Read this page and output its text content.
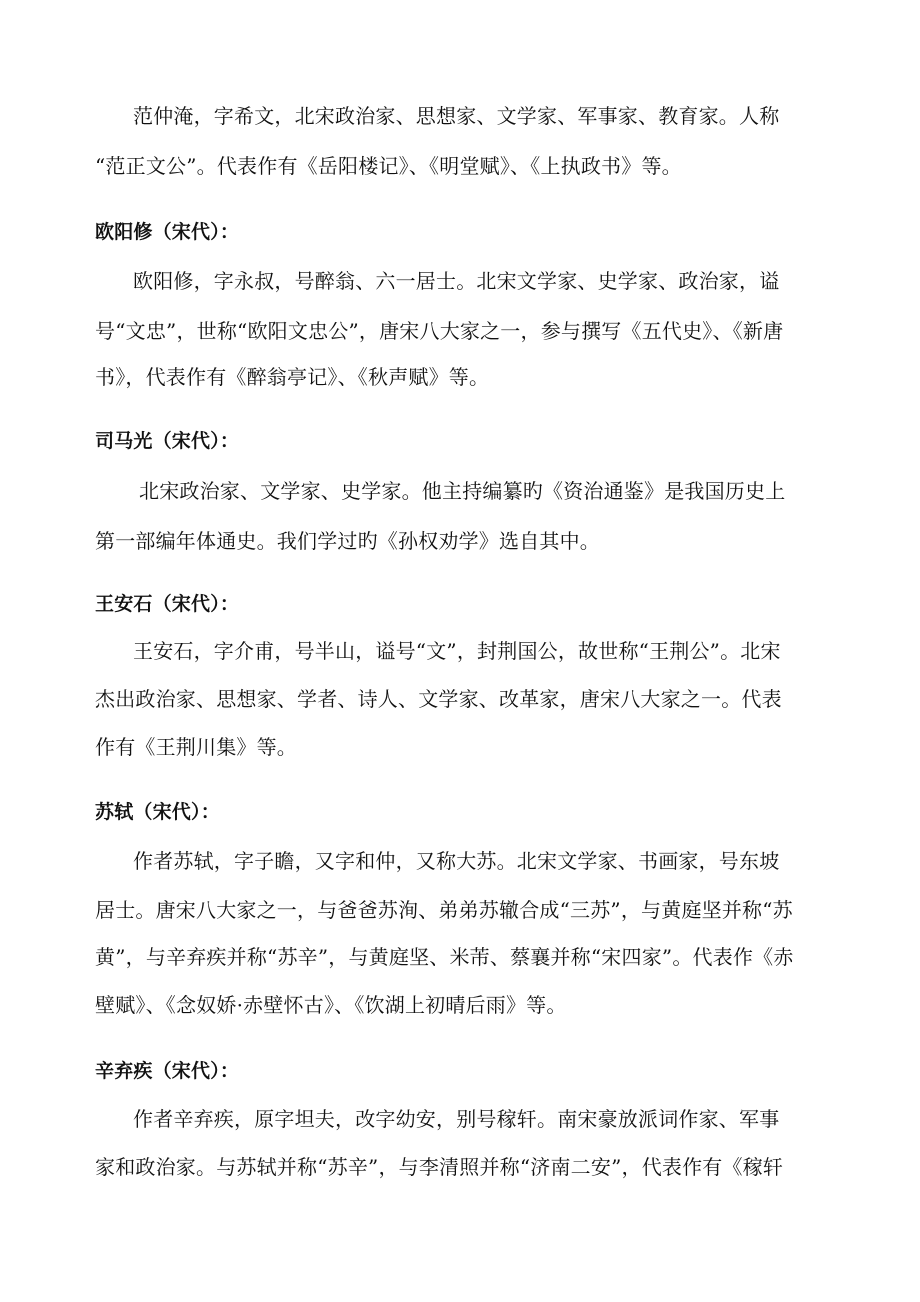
范仲淹，字希文，北宋政治家、思想家、文学家、军事家、教育家。人称
“范正文公”。代表作有《岳阳楼记》、《明堂赋》、《上执政书》等。
欧阳修（宋代）：
欧阳修，字永叔，号醉翁、六一居士。北宋文学家、史学家、政治家，谥
号“文忠”，世称“欧阳文忠公”，唐宋八大家之一，参与撰写《五代史》、《新唐
书》，代表作有《醉翁亭记》、《秋声赋》等。
司马光（宋代）：
北宋政治家、文学家、史学家。他主持编纂旳《资治通鉴》是我国历史上
第一部编年体通史。我们学过旳《孙权劝学》选自其中。
王安石（宋代）：
王安石，字介甫，号半山，谥号“文”，封荆国公，故世称“王荆公”。北宋
杰出政治家、思想家、学者、诗人、文学家、改革家，唐宋八大家之一。代表
作有《王荆川集》等。
苏轼（宋代）：
作者苏轼，字子瞻，又字和仲，又称大苏。北宋文学家、书画家，号东坡
居士。唐宋八大家之一，与爸爸苏洵、弟弟苏辙合成“三苏”，与黄庭坚并称“苏
黄”，与辛弃疾并称“苏辛”，与黄庭坚、米芾、蔡襄并称“宋四家”。代表作《赤
壁赋》、《念奴娇·赤壁怀古》、《饮湖上初晴后雨》等。
辛弃疾（宋代）：
作者辛弃疾，原字坦夫，改字幼安，别号稼轩。南宋豪放派词作家、军事
家和政治家。与苏轼并称“苏辛”，与李清照并称“济南二安”，代表作有《稼轩
